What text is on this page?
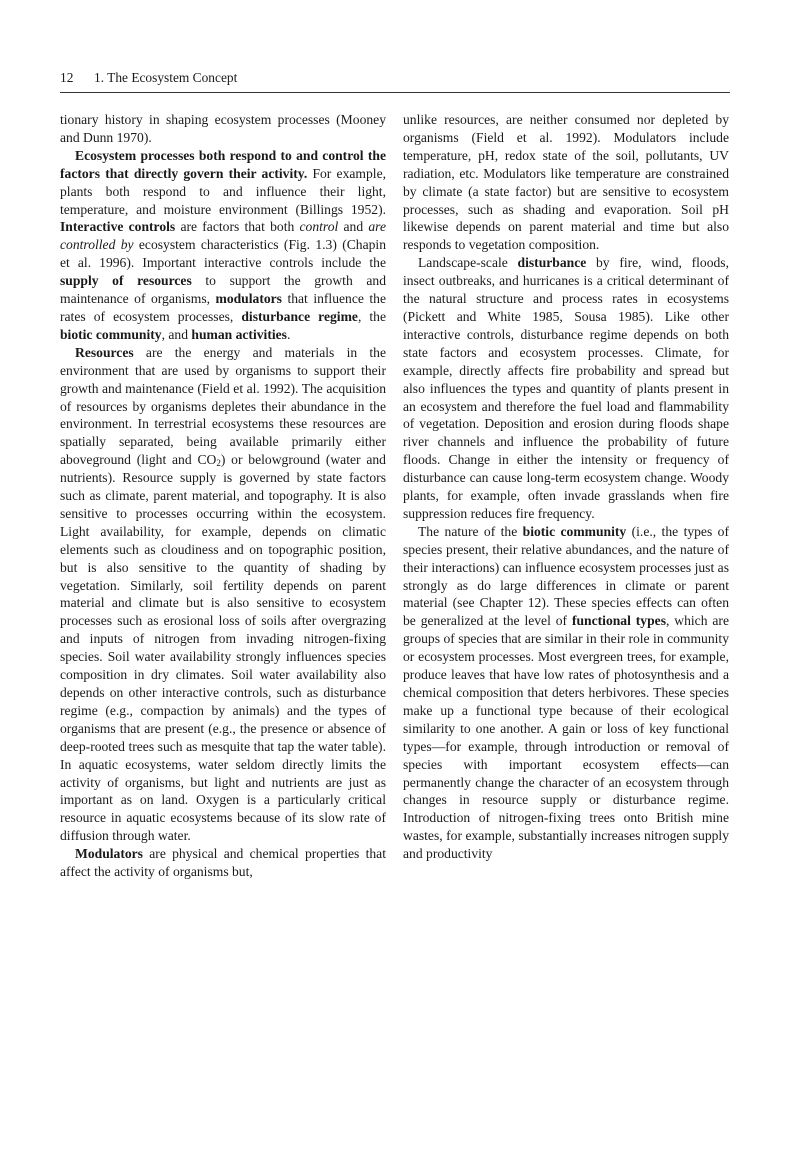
12 1. The Ecosystem Concept

tionary history in shaping ecosystem processes (Mooney and Dunn 1970).

Ecosystem processes both respond to and control the factors that directly govern their activity. For example, plants both respond to and influence their light, temperature, and moisture environment (Billings 1952). Interactive controls are factors that both control and are controlled by ecosystem characteristics (Fig. 1.3) (Chapin et al. 1996). Important interactive controls include the supply of resources to support the growth and maintenance of organisms, modulators that influence the rates of ecosystem processes, disturbance regime, the biotic community, and human activities.

Resources are the energy and materials in the environment that are used by organisms to support their growth and maintenance (Field et al. 1992). The acquisition of resources by organisms depletes their abundance in the environment. In terrestrial ecosystems these resources are spatially separated, being available primarily either aboveground (light and $CO_2$) or belowground (water and nutrients). Resource supply is governed by state factors such as climate, parent material, and topography. It is also sensitive to processes occurring within the ecosystem. Light availability, for example, depends on climatic elements such as cloudiness and on topographic position, but is also sensitive to the quantity of shading by vegetation. Similarly, soil fertility depends on parent material and climate but is also sensitive to ecosystem processes such as erosional loss of soils after overgrazing and inputs of nitrogen from invading nitrogen-fixing species. Soil water availability strongly influences species composition in dry climates. Soil water availability also depends on other interactive controls, such as disturbance regime (e.g., compaction by animals) and the types of organisms that are present (e.g., the presence or absence of deep-rooted trees such as mesquite that tap the water table). In aquatic ecosystems, water seldom directly limits the activity of organisms, but light and nutrients are just as important as on land. Oxygen is a particularly critical resource in aquatic ecosystems because of its slow rate of diffusion through water.

Modulators are physical and chemical properties that affect the activity of organisms but,

unlike resources, are neither consumed nor depleted by organisms (Field et al. 1992). Modulators include temperature, pH, redox state of the soil, pollutants, UV radiation, etc. Modulators like temperature are constrained by climate (a state factor) but are sensitive to ecosystem processes, such as shading and evaporation. Soil pH likewise depends on parent material and time but also responds to vegetation composition.

Landscape-scale disturbance by fire, wind, floods, insect outbreaks, and hurricanes is a critical determinant of the natural structure and process rates in ecosystems (Pickett and White 1985, Sousa 1985). Like other interactive controls, disturbance regime depends on both state factors and ecosystem processes. Climate, for example, directly affects fire probability and spread but also influences the types and quantity of plants present in an ecosystem and therefore the fuel load and flammability of vegetation. Deposition and erosion during floods shape river channels and influence the probability of future floods. Change in either the intensity or frequency of disturbance can cause long-term ecosystem change. Woody plants, for example, often invade grasslands when fire suppression reduces fire frequency.

The nature of the biotic community (i.e., the types of species present, their relative abundances, and the nature of their interactions) can influence ecosystem processes just as strongly as do large differences in climate or parent material (see Chapter 12). These species effects can often be generalized at the level of functional types, which are groups of species that are similar in their role in community or ecosystem processes. Most evergreen trees, for example, produce leaves that have low rates of photosynthesis and a chemical composition that deters herbivores. These species make up a functional type because of their ecological similarity to one another. A gain or loss of key functional types—for example, through introduction or removal of species with important ecosystem effects—can permanently change the character of an ecosystem through changes in resource supply or disturbance regime. Introduction of nitrogen-fixing trees onto British mine wastes, for example, substantially increases nitrogen supply and productivity
